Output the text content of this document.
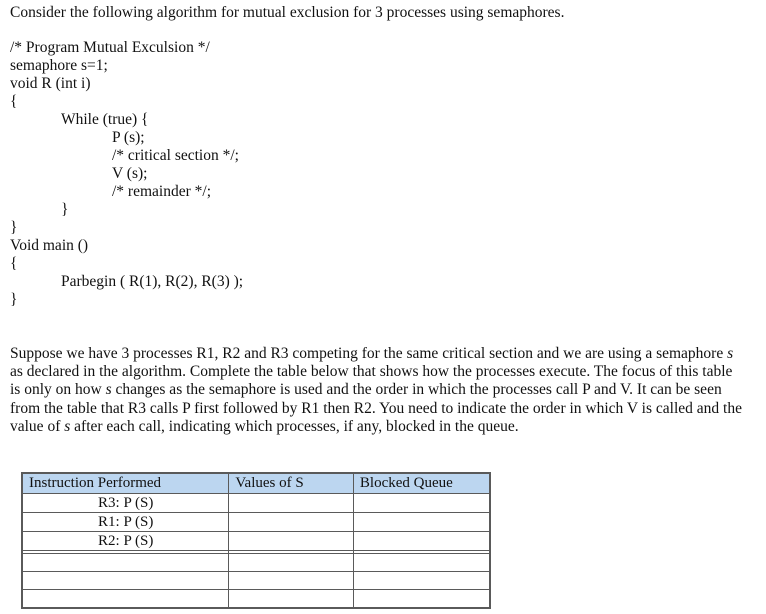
Consider the following algorithm for mutual exclusion for 3 processes using semaphores.
/* Program Mutual Exculsion */
semaphore s=1;
void R (int i)
{
While (true) {
P (s);
/* critical section */;
V (s);
/* remainder */;
}
}
Void main ()
{
Parbegin ( R(1), R(2), R(3) );
}
Suppose we have 3 processes R1, R2 and R3 competing for the same critical section and we are using a semaphore s as declared in the algorithm. Complete the table below that shows how the processes execute. The focus of this table is only on how s changes as the semaphore is used and the order in which the processes call P and V. It can be seen from the table that R3 calls P first followed by R1 then R2. You need to indicate the order in which V is called and the value of s after each call, indicating which processes, if any, blocked in the queue.
Instruction Performed	Values of S	Blocked Queue
R3: P (S)		
R1: P (S)		
R2: P (S)		
